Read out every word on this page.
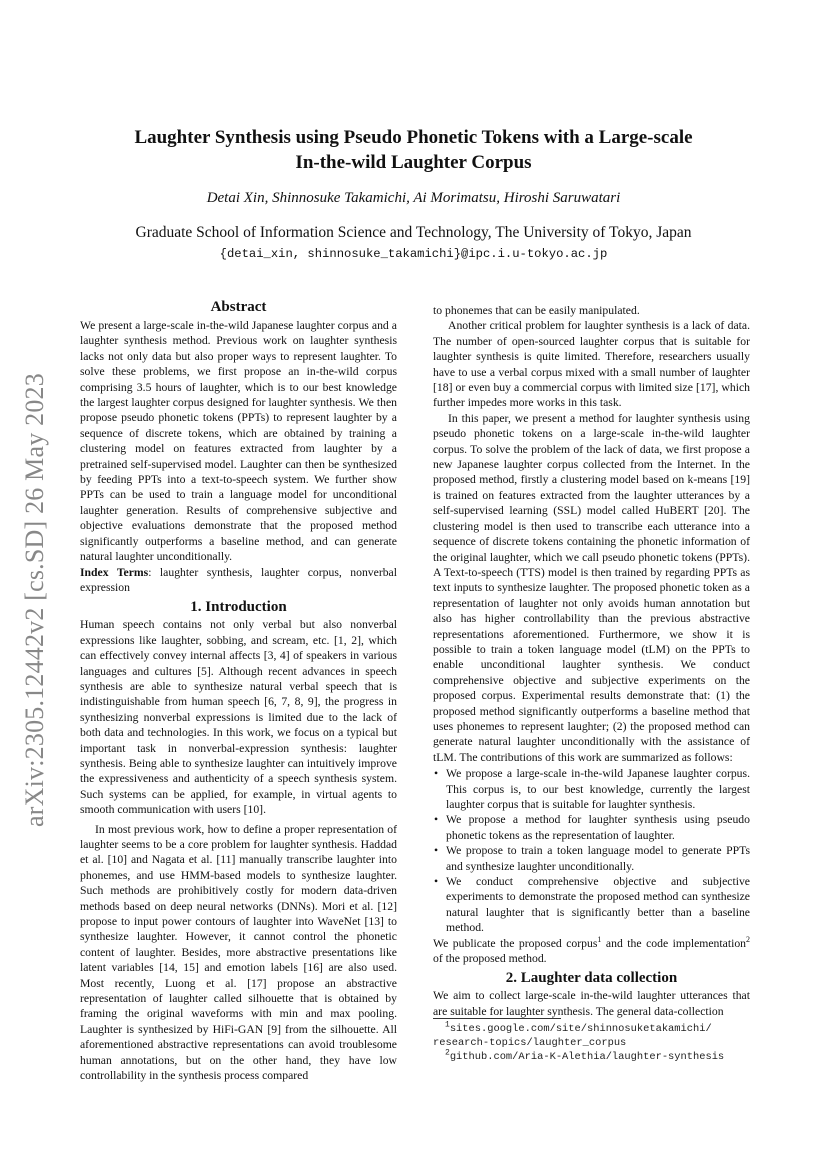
arXiv:2305.12442v2 [cs.SD] 26 May 2023
Laughter Synthesis using Pseudo Phonetic Tokens with a Large-scale
In-the-wild Laughter Corpus
Detai Xin, Shinnosuke Takamichi, Ai Morimatsu, Hiroshi Saruwatari
Graduate School of Information Science and Technology, The University of Tokyo, Japan
{detai_xin, shinnosuke_takamichi}@ipc.i.u-tokyo.ac.jp
Abstract

We present a large-scale in-the-wild Japanese laughter corpus and a laughter synthesis method. Previous work on laughter synthesis lacks not only data but also proper ways to represent laughter. To solve these problems, we first propose an in-the-wild corpus comprising 3.5 hours of laughter, which is to our best knowledge the largest laughter corpus designed for laughter synthesis. We then propose pseudo phonetic tokens (PPTs) to represent laughter by a sequence of discrete tokens, which are obtained by training a clustering model on features extracted from laughter by a pretrained self-supervised model. Laughter can then be synthesized by feeding PPTs into a text-to-speech system. We further show PPTs can be used to train a language model for unconditional laughter generation. Results of comprehensive subjective and objective evaluations demonstrate that the proposed method significantly outperforms a baseline method, and can generate natural laughter unconditionally.

Index Terms: laughter synthesis, laughter corpus, nonverbal expression

1. Introduction

Human speech contains not only verbal but also nonverbal expressions like laughter, sobbing, and scream, etc. [1, 2], which can effectively convey internal affects [3, 4] of speakers in various languages and cultures [5]. Although recent advances in speech synthesis are able to synthesize natural verbal speech that is indistinguishable from human speech [6, 7, 8, 9], the progress in synthesizing nonverbal expressions is limited due to the lack of both data and technologies. In this work, we focus on a typical but important task in nonverbal-expression synthesis: laughter synthesis. Being able to synthesize laughter can intuitively improve the expressiveness and authenticity of a speech synthesis system. Such systems can be applied, for example, in virtual agents to smooth communication with users [10].

In most previous work, how to define a proper representation of laughter seems to be a core problem for laughter synthesis. Haddad et al. [10] and Nagata et al. [11] manually transcribe laughter into phonemes, and use HMM-based models to synthesize laughter. Such methods are prohibitively costly for modern data-driven methods based on deep neural networks (DNNs). Mori et al. [12] propose to input power contours of laughter into WaveNet [13] to synthesize laughter. However, it cannot control the phonetic content of laughter. Besides, more abstractive presentations like latent variables [14, 15] and emotion labels [16] are also used. Most recently, Luong et al. [17] propose an abstractive representation of laughter called silhouette that is obtained by framing the original waveforms with min and max pooling. Laughter is synthesized by HiFi-GAN [9] from the silhouette. All aforementioned abstractive representations can avoid troublesome human annotations, but on the other hand, they have low controllability in the synthesis process compared

to phonemes that can be easily manipulated.

Another critical problem for laughter synthesis is a lack of data. The number of open-sourced laughter corpus that is suitable for laughter synthesis is quite limited. Therefore, researchers usually have to use a verbal corpus mixed with a small number of laughter [18] or even buy a commercial corpus with limited size [17], which further impedes more works in this task.

In this paper, we present a method for laughter synthesis using pseudo phonetic tokens on a large-scale in-the-wild laughter corpus. To solve the problem of the lack of data, we first propose a new Japanese laughter corpus collected from the Internet. In the proposed method, firstly a clustering model based on k-means [19] is trained on features extracted from the laughter utterances by a self-supervised learning (SSL) model called HuBERT [20]. The clustering model is then used to transcribe each utterance into a sequence of discrete tokens containing the phonetic information of the original laughter, which we call pseudo phonetic tokens (PPTs). A Text-to-speech (TTS) model is then trained by regarding PPTs as text inputs to synthesize laughter. The proposed phonetic token as a representation of laughter not only avoids human annotation but also has higher controllability than the previous abstractive representations aforementioned. Furthermore, we show it is possible to train a token language model (tLM) on the PPTs to enable unconditional laughter synthesis. We conduct comprehensive objective and subjective experiments on the proposed corpus. Experimental results demonstrate that: (1) the proposed method significantly outperforms a baseline method that uses phonemes to represent laughter; (2) the proposed method can generate natural laughter unconditionally with the assistance of tLM. The contributions of this work are summarized as follows:

• We propose a large-scale in-the-wild Japanese laughter corpus. This corpus is, to our best knowledge, currently the largest laughter corpus that is suitable for laughter synthesis.
• We propose a method for laughter synthesis using pseudo phonetic tokens as the representation of laughter.
• We propose to train a token language model to generate PPTs and synthesize laughter unconditionally.
• We conduct comprehensive objective and subjective experiments to demonstrate the proposed method can synthesize natural laughter that is significantly better than a baseline method.

We publicate the proposed corpus$^1$ and the code implementation$^2$ of the proposed method.

2. Laughter data collection

We aim to collect large-scale in-the-wild laughter utterances that are suitable for laughter synthesis. The general data-collection

$^1$sites.google.com/site/shinnosuketakamichi/
research-topics/laughter_corpus
$^2$github.com/Aria-K-Alethia/laughter-synthesis
